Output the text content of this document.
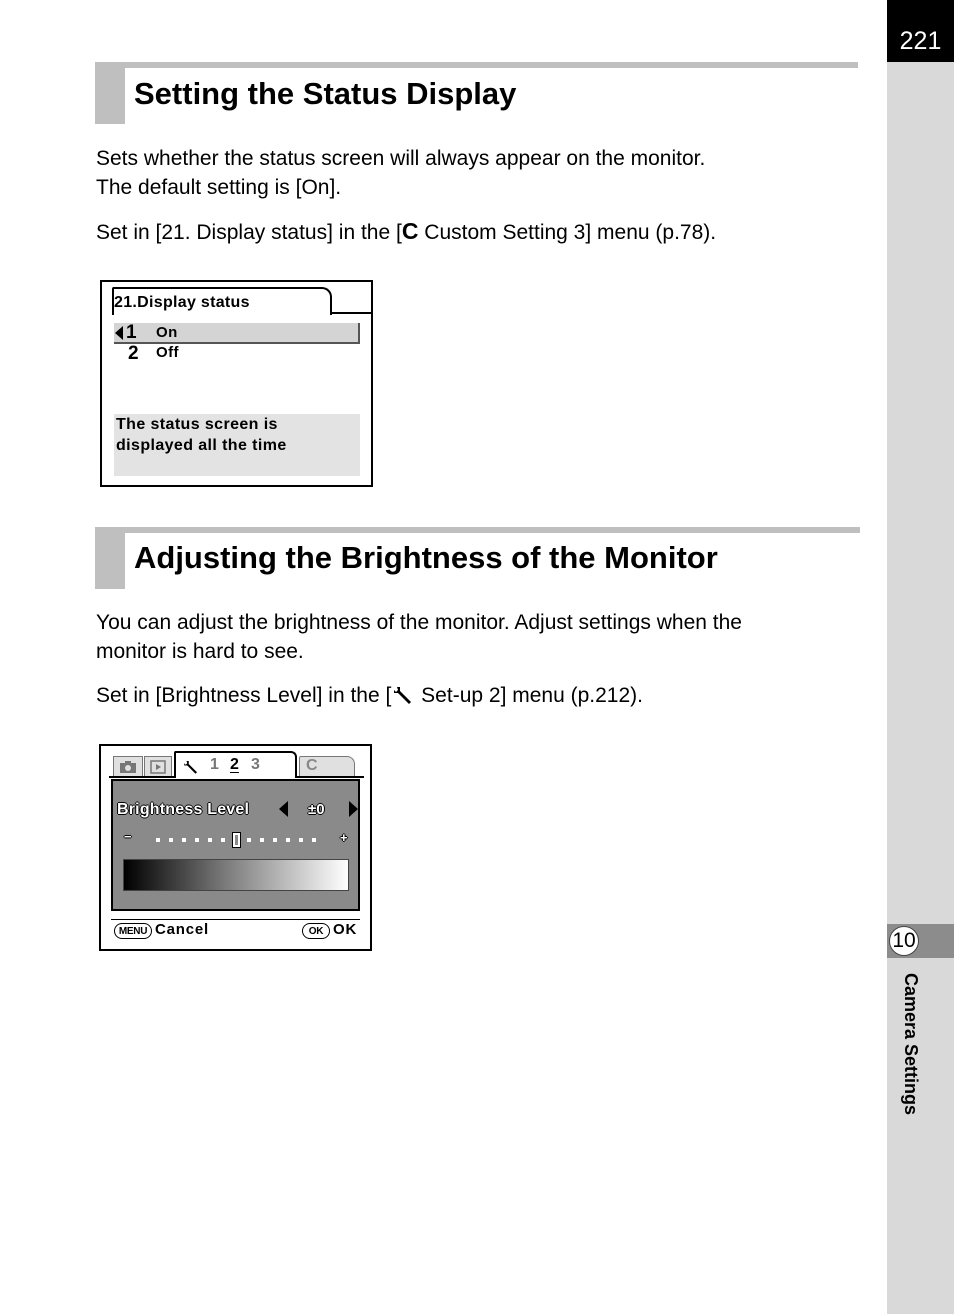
221
10
Camera Settings
Setting the Status Display
Sets whether the status screen will always appear on the monitor.
The default setting is [On].
Set in [21. Display status] in the [C Custom Setting 3] menu (p.78).
21.Display status
1 On
2 Off
The status screen is
displayed all the time
Adjusting the Brightness of the Monitor
You can adjust the brightness of the monitor. Adjust settings when the
monitor is hard to see.
Set in [Brightness Level] in the [ Set-up 2] menu (p.212).
1 2 3	C
Brightness Level	±0
−	+
MENU Cancel	OK OK
